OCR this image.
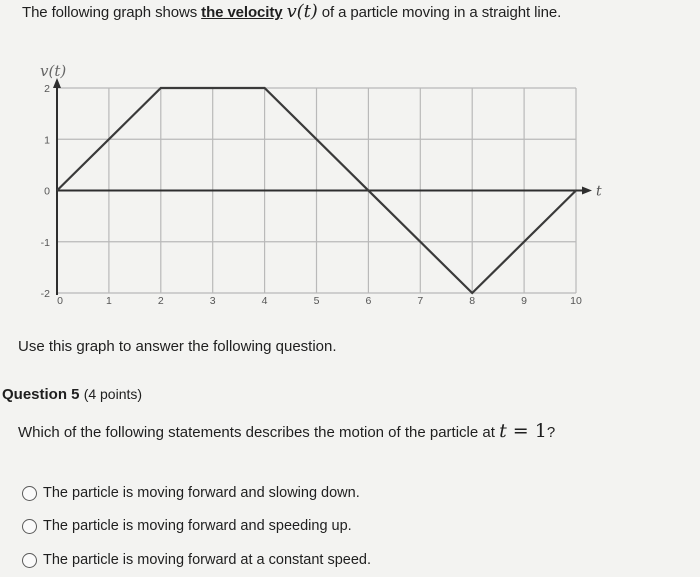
The following graph shows the velocity v(t) of a particle moving in a straight line.
v(t)
t
0	1	2	3	4	5	6	7	8	9	10
2
1
0
-1
-2
Use this graph to answer the following question.
Question 5 (4 points)
Which of the following statements describes the motion of the particle at t = 1?
The particle is moving forward and slowing down.
The particle is moving forward and speeding up.
The particle is moving forward at a constant speed.
